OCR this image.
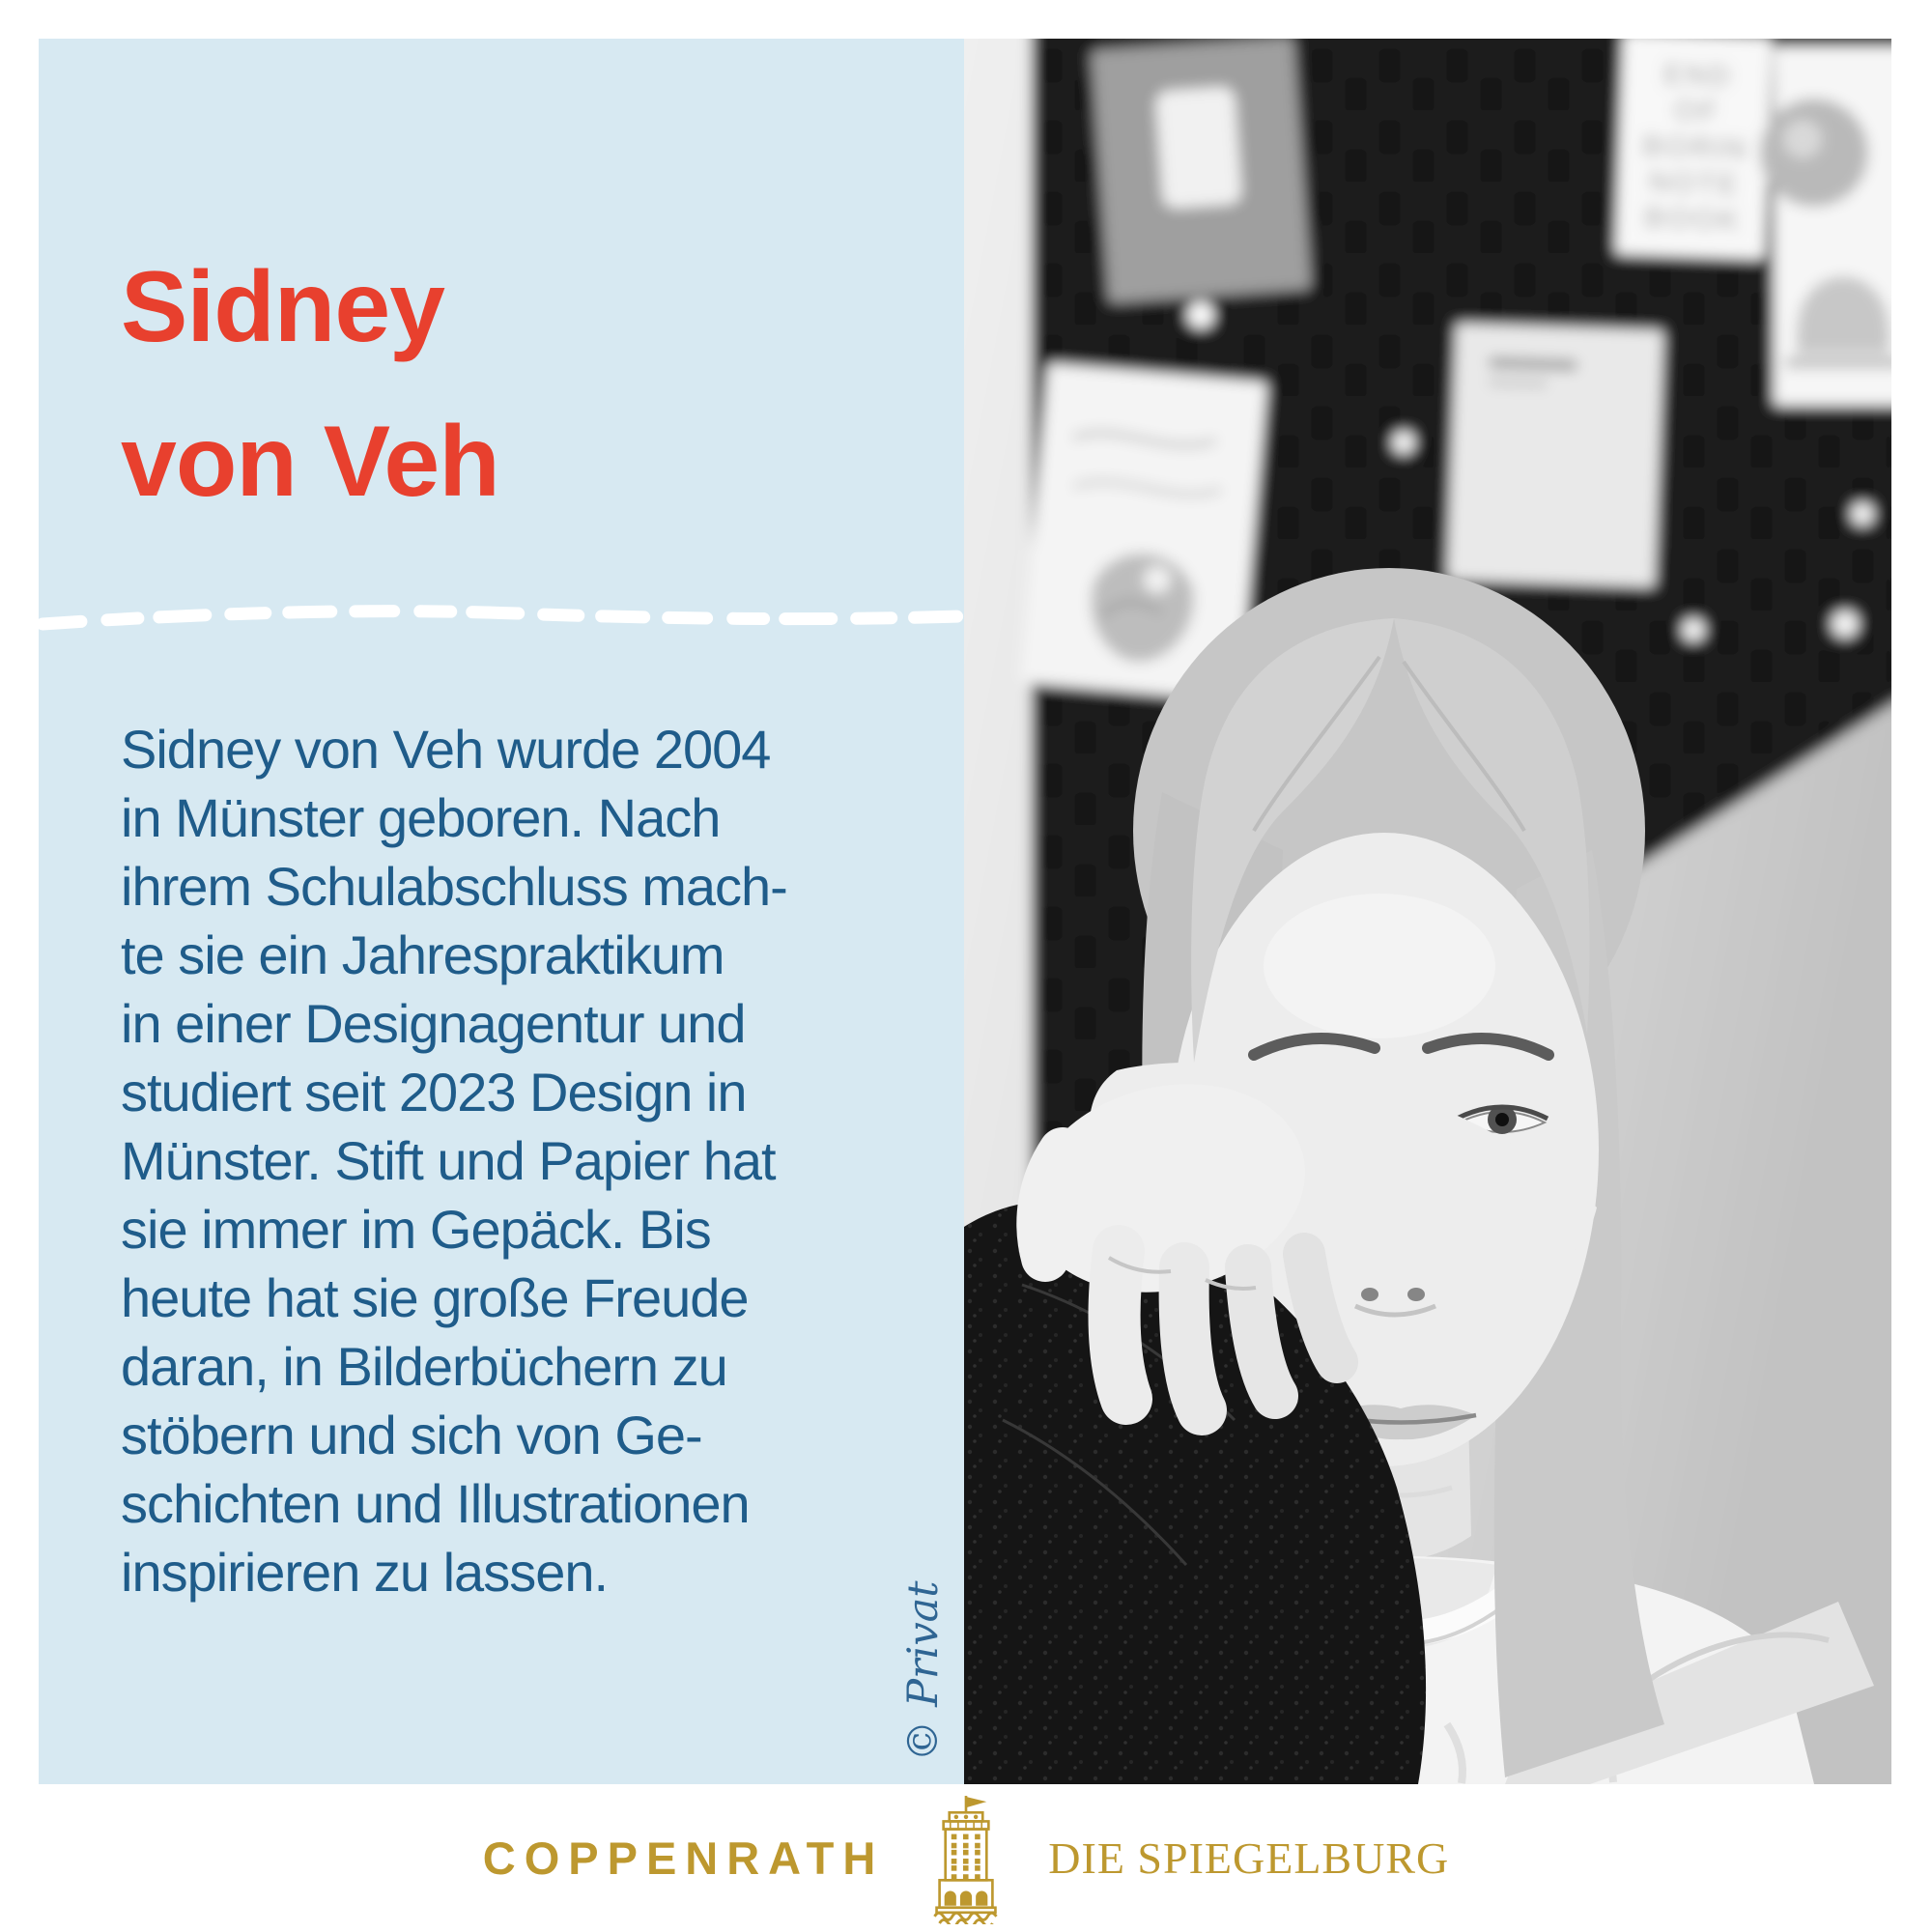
Sidney
von Veh
Sidney von Veh wurde 2004
in Münster geboren. Nach
ihrem Schulabschluss mach-
te sie ein Jahrespraktikum
in einer Designagentur und
studiert seit 2023 Design in
Münster. Stift und Papier hat
sie immer im Gepäck. Bis
heute hat sie große Freude
daran, in Bilderbüchern zu
stöbern und sich von Ge-
schichten und Illustrationen
inspirieren zu lassen.
© Privat
END
OF
BORIN
NOTE
BOOK
COPPENRATH	DIE SPIEGELBURG
